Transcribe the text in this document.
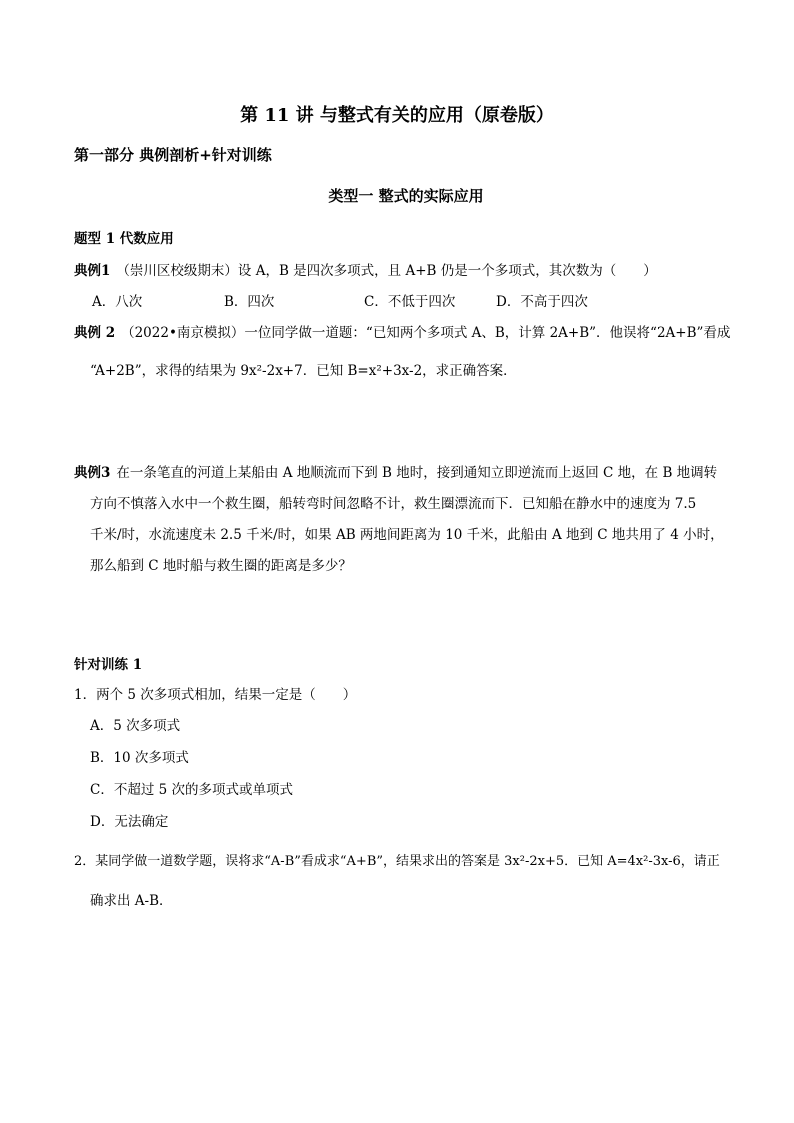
第 11 讲 与整式有关的应用（原卷版）
第一部分 典例剖析+针对训练
类型一 整式的实际应用
题型 1 代数应用
典例1 （崇川区校级期末）设 A，B 是四次多项式，且 A+B 仍是一个多项式，其次数为（　　）
A．八次	B．四次	C．不低于四次	D．不高于四次
典例 2 （2022•南京模拟）一位同学做一道题：“已知两个多项式 A、B，计算 2A+B”．他误将“2A+B”看成
“A+2B”，求得的结果为 9x²-2x+7．已知 B=x²+3x-2，求正确答案．
典例3 在一条笔直的河道上某船由 A 地顺流而下到 B 地时，接到通知立即逆流而上返回 C 地，在 B 地调转
方向不慎落入水中一个救生圈，船转弯时间忽略不计，救生圈漂流而下．已知船在静水中的速度为 7.5
千米/时，水流速度未 2.5 千米/时，如果 AB 两地间距离为 10 千米，此船由 A 地到 C 地共用了 4 小时，
那么船到 C 地时船与救生圈的距离是多少？
针对训练 1
1．两个 5 次多项式相加，结果一定是（　　）
A．5 次多项式
B．10 次多项式
C．不超过 5 次的多项式或单项式
D．无法确定
2．某同学做一道数学题，误将求“A-B”看成求“A+B”，结果求出的答案是 3x²-2x+5．已知 A=4x²-3x-6，请正
确求出 A-B．
